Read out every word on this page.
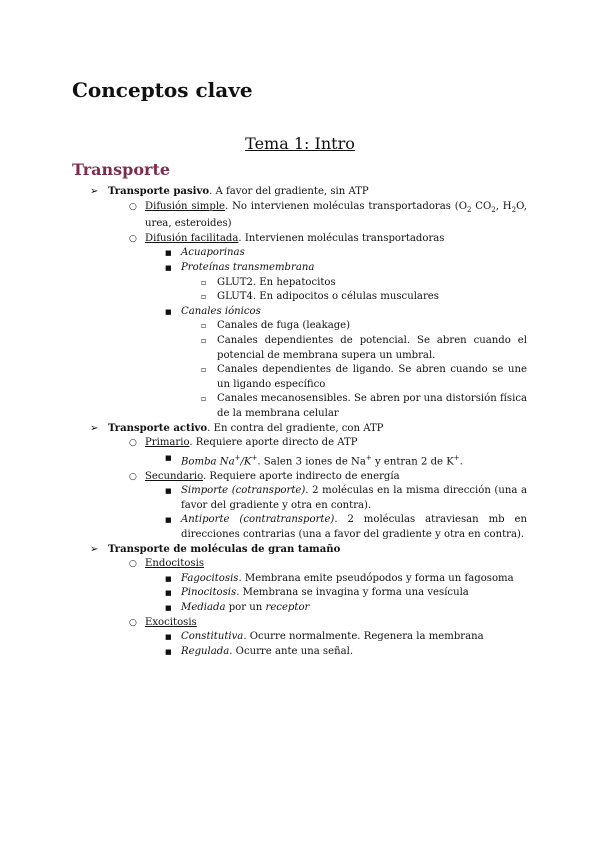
Conceptos clave
Tema 1: Intro
Transporte
➢ Transporte pasivo. A favor del gradiente, sin ATP
○ Difusión simple. No intervienen moléculas transportadoras ($O_2$ $CO_2$, $H_2O$, urea, esteroides)
○ Difusión facilitada. Intervienen moléculas transportadoras
■ Acuaporinas
■ Proteínas transmembrana
▫ GLUT2. En hepatocitos
▫ GLUT4. En adipocitos o células musculares
■ Canales iónicos
▫ Canales de fuga (leakage)
▫ Canales dependientes de potencial. Se abren cuando el potencial de membrana supera un umbral.
▫ Canales dependientes de ligando. Se abren cuando se une un ligando específico
▫ Canales mecanosensibles. Se abren por una distorsión física de la membrana celular
➢ Transporte activo. En contra del gradiente, con ATP
○ Primario. Requiere aporte directo de ATP
■ Bomba Na+/K+. Salen 3 iones de Na+ y entran 2 de K+.
○ Secundario. Requiere aporte indirecto de energía
■ Simporte (cotransporte). 2 moléculas en la misma dirección (una a favor del gradiente y otra en contra).
■ Antiporte (contratransporte). 2 moléculas atraviesan mb en direcciones contrarias (una a favor del gradiente y otra en contra).
➢ Transporte de moléculas de gran tamaño
○ Endocitosis
■ Fagocitosis. Membrana emite pseudópodos y forma un fagosoma
■ Pinocitosis. Membrana se invagina y forma una vesícula
■ Mediada por un receptor
○ Exocitosis
■ Constitutiva. Ocurre normalmente. Regenera la membrana
■ Regulada. Ocurre ante una señal.
